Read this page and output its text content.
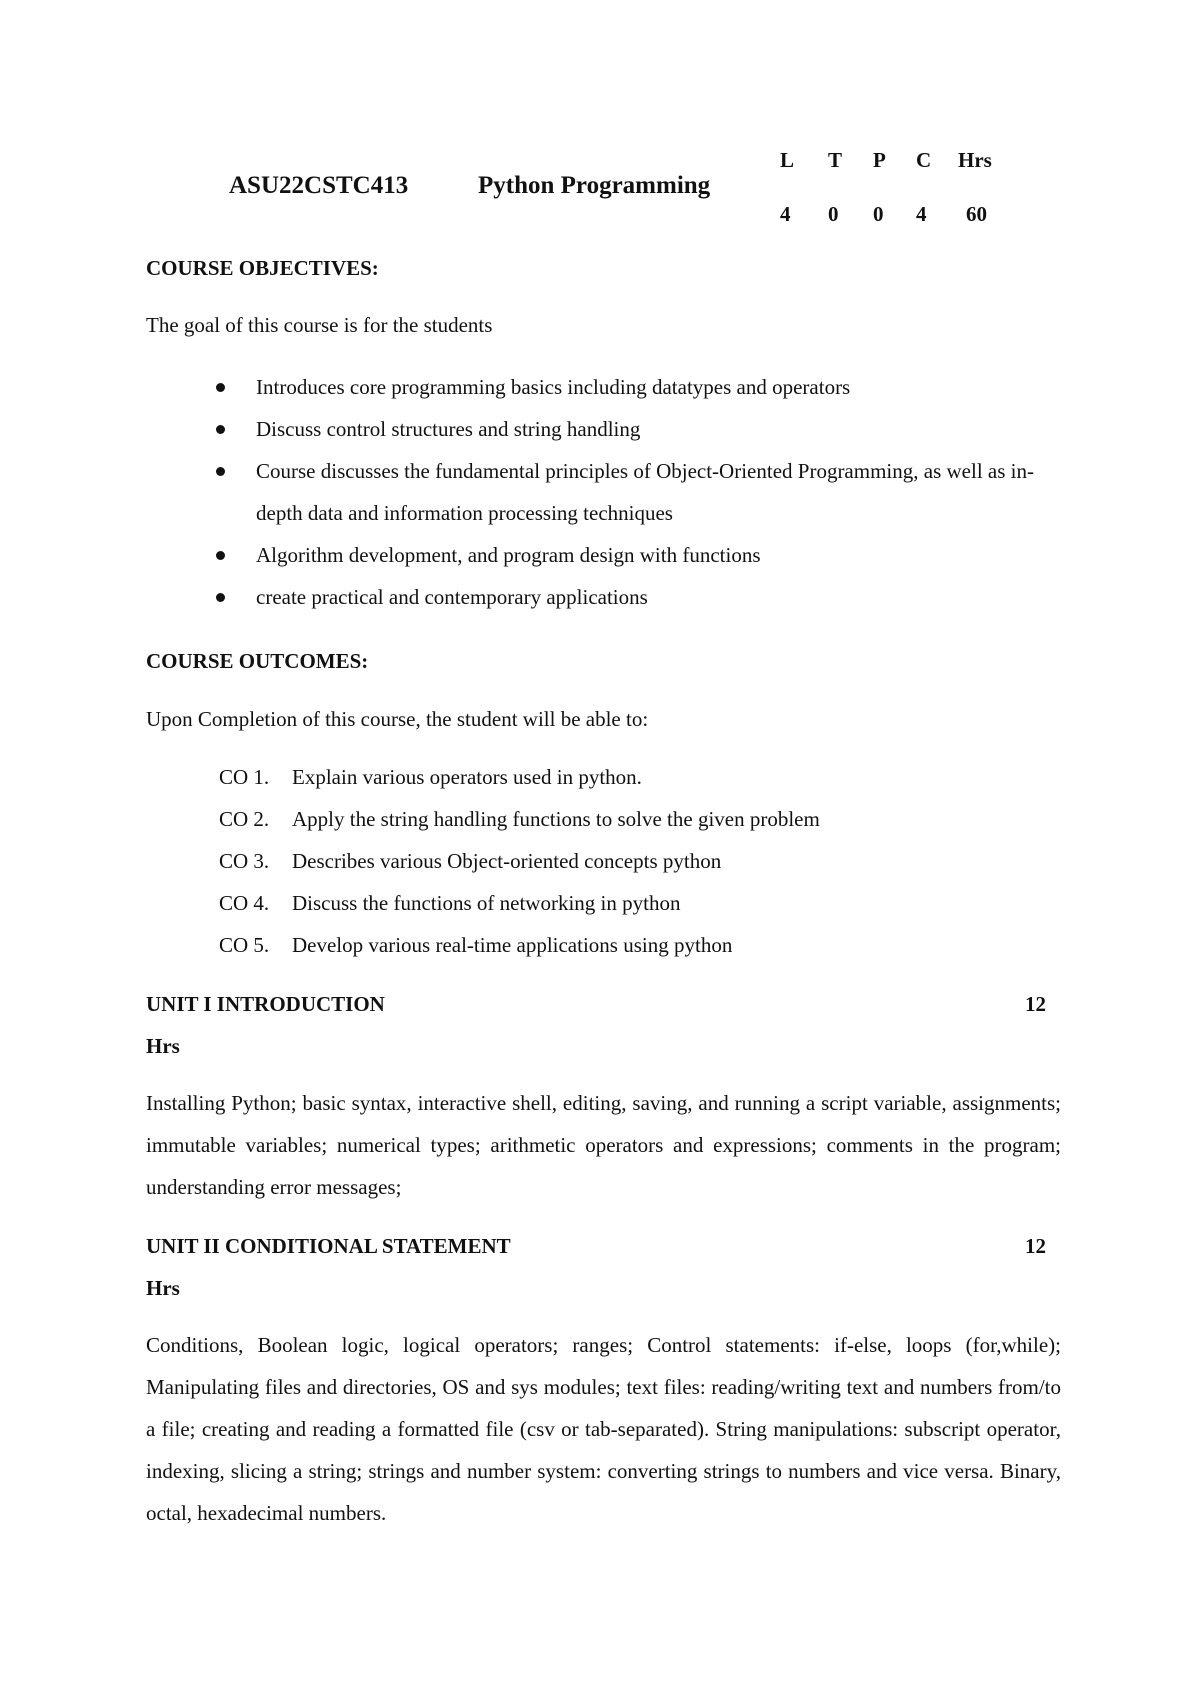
ASU22CSTC413	Python Programming
L T P C Hrs
4 0 0 4 60
COURSE OBJECTIVES:
The goal of this course is for the students
Introduces core programming basics including datatypes and operators
Discuss control structures and string handling
Course discusses the fundamental principles of Object-Oriented Programming, as well as in-depth data and information processing techniques
Algorithm development, and program design with functions
create practical and contemporary applications
COURSE OUTCOMES:
Upon Completion of this course, the student will be able to:
CO 1. Explain various operators used in python.
CO 2. Apply the string handling functions to solve the given problem
CO 3. Describes various Object-oriented concepts python
CO 4. Discuss the functions of networking in python
CO 5. Develop various real-time applications using python
UNIT I INTRODUCTION	12
Hrs
Installing Python; basic syntax, interactive shell, editing, saving, and running a script variable, assignments; immutable variables; numerical types; arithmetic operators and expressions; comments in the program; understanding error messages;
UNIT II CONDITIONAL STATEMENT	12
Hrs
Conditions, Boolean logic, logical operators; ranges; Control statements: if-else, loops (for,while); Manipulating files and directories, OS and sys modules; text files: reading/writing text and numbers from/to a file; creating and reading a formatted file (csv or tab-separated). String manipulations: subscript operator, indexing, slicing a string; strings and number system: converting strings to numbers and vice versa. Binary, octal, hexadecimal numbers.
